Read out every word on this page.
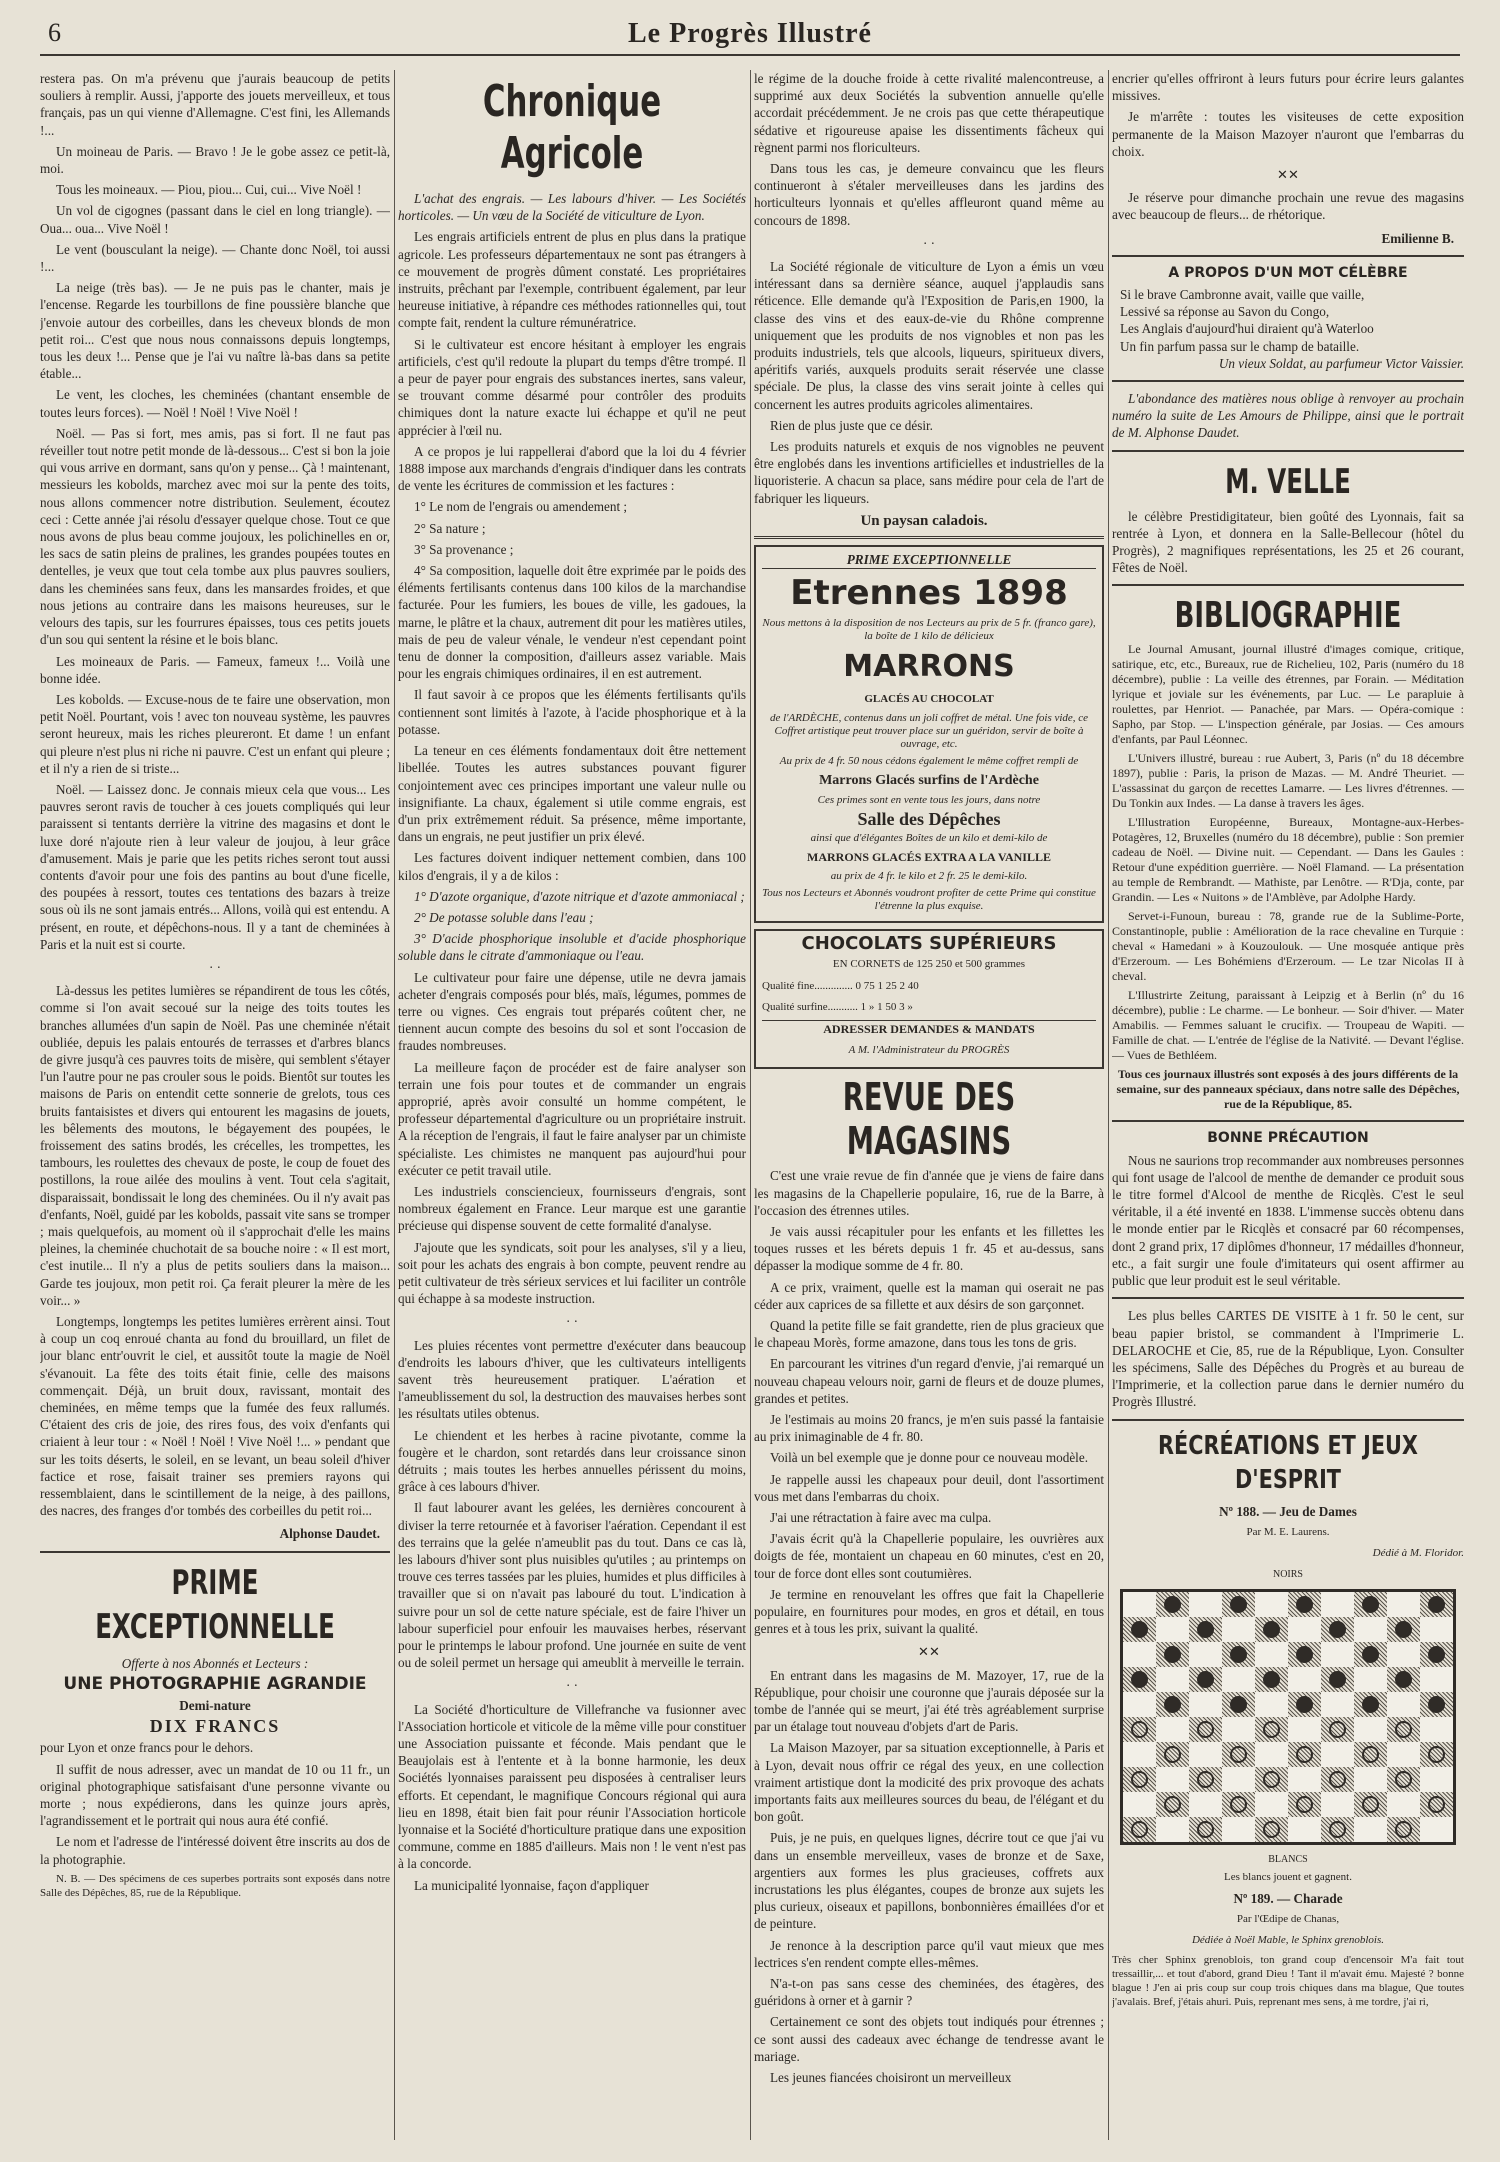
6	Le Progrès Illustré

restera pas. On m'a prévenu que j'aurais beaucoup de petits souliers à remplir. Aussi, j'apporte des jouets merveilleux, et tous français, pas un qui vienne d'Allemagne. C'est fini, les Allemands !...

Un moineau de Paris. — Bravo ! Je le gobe assez ce petit-là, moi.

Tous les moineaux. — Piou, piou... Cui, cui... Vive Noël !

Un vol de cigognes (passant dans le ciel en long triangle). — Oua... oua... Vive Noël !

Le vent (bousculant la neige). — Chante donc Noël, toi aussi !...

La neige (très bas). — Je ne puis pas le chanter, mais je l'encense. Regarde les tourbillons de fine poussière blanche que j'envoie autour des corbeilles, dans les cheveux blonds de mon petit roi... C'est que nous nous connaissons depuis longtemps, tous les deux !... Pense que je l'ai vu naître là-bas dans sa petite étable...

Le vent, les cloches, les cheminées (chantant ensemble de toutes leurs forces). — Noël ! Noël ! Vive Noël !

Noël. — Pas si fort, mes amis, pas si fort. Il ne faut pas réveiller tout notre petit monde de là-dessous... C'est si bon la joie qui vous arrive en dormant, sans qu'on y pense... Çà ! maintenant, messieurs les kobolds, marchez avec moi sur la pente des toits, nous allons commencer notre distribution. Seulement, écoutez ceci : Cette année j'ai résolu d'essayer quelque chose. Tout ce que nous avons de plus beau comme joujoux, les polichinelles en or, les sacs de satin pleins de pralines, les grandes poupées toutes en dentelles, je veux que tout cela tombe aux plus pauvres souliers, dans les cheminées sans feux, dans les mansardes froides, et que nous jetions au contraire dans les maisons heureuses, sur le velours des tapis, sur les fourrures épaisses, tous ces petits jouets d'un sou qui sentent la résine et le bois blanc.

Les moineaux de Paris. — Fameux, fameux !... Voilà une bonne idée.

Les kobolds. — Excuse-nous de te faire une observation, mon petit Noël. Pourtant, vois ! avec ton nouveau système, les pauvres seront heureux, mais les riches pleureront. Et dame ! un enfant qui pleure n'est plus ni riche ni pauvre. C'est un enfant qui pleure ; et il n'y a rien de si triste...

Noël. — Laissez donc. Je connais mieux cela que vous... Les pauvres seront ravis de toucher à ces jouets compliqués qui leur paraissent si tentants derrière la vitrine des magasins et dont le luxe doré n'ajoute rien à leur valeur de joujou, à leur grâce d'amusement. Mais je parie que les petits riches seront tout aussi contents d'avoir pour une fois des pantins au bout d'une ficelle, des poupées à ressort, toutes ces tentations des bazars à treize sous où ils ne sont jamais entrés... Allons, voilà qui est entendu. A présent, en route, et dépêchons-nous. Il y a tant de cheminées à Paris et la nuit est si courte.

· ·

Là-dessus les petites lumières se répandirent de tous les côtés, comme si l'on avait secoué sur la neige des toits toutes les branches allumées d'un sapin de Noël. Pas une cheminée n'était oubliée, depuis les palais entourés de terrasses et d'arbres blancs de givre jusqu'à ces pauvres toits de misère, qui semblent s'étayer l'un l'autre pour ne pas crouler sous le poids. Bientôt sur toutes les maisons de Paris on entendit cette sonnerie de grelots, tous ces bruits fantaisistes et divers qui entourent les magasins de jouets, les bêlements des moutons, le bégayement des poupées, le froissement des satins brodés, les crécelles, les trompettes, les tambours, les roulettes des chevaux de poste, le coup de fouet des postillons, la roue ailée des moulins à vent. Tout cela s'agitait, disparaissait, bondissait le long des cheminées. Ou il n'y avait pas d'enfants, Noël, guidé par les kobolds, passait vite sans se tromper ; mais quelquefois, au moment où il s'approchait d'elle les mains pleines, la cheminée chuchotait de sa bouche noire : « Il est mort, c'est inutile... Il n'y a plus de petits souliers dans la maison... Garde tes joujoux, mon petit roi. Ça ferait pleurer la mère de les voir... »

Longtemps, longtemps les petites lumières errèrent ainsi. Tout à coup un coq enroué chanta au fond du brouillard, un filet de jour blanc entr'ouvrit le ciel, et aussitôt toute la magie de Noël s'évanouit. La fête des toits était finie, celle des maisons commençait. Déjà, un bruit doux, ravissant, montait des cheminées, en même temps que la fumée des feux rallumés. C'étaient des cris de joie, des rires fous, des voix d'enfants qui criaient à leur tour : « Noël ! Noël ! Vive Noël !... » pendant que sur les toits déserts, le soleil, en se levant, un beau soleil d'hiver factice et rose, faisait trainer ses premiers rayons qui ressemblaient, dans le scintillement de la neige, à des paillons, des nacres, des franges d'or tombés des corbeilles du petit roi...

Alphonse Daudet.
PRIME EXCEPTIONNELLE

Offerte à nos Abonnés et Lecteurs :

UNE PHOTOGRAPHIE AGRANDIE

Demi-nature

DIX FRANCS

pour Lyon et onze francs pour le dehors.

Il suffit de nous adresser, avec un mandat de 10 ou 11 fr., un original photographique satisfaisant d'une personne vivante ou morte ; nous expédierons, dans les quinze jours après, l'agrandissement et le portrait qui nous aura été confié.

Le nom et l'adresse de l'intéressé doivent être inscrits au dos de la photographie.

N. B. — Des spécimens de ces superbes portraits sont exposés dans notre Salle des Dépêches, 85, rue de la République.

Chronique Agricole

L'achat des engrais. — Les labours d'hiver. — Les Sociétés horticoles. — Un vœu de la Société de viticulture de Lyon.

Les engrais artificiels entrent de plus en plus dans la pratique agricole. Les professeurs départementaux ne sont pas étrangers à ce mouvement de progrès dûment constaté. Les propriétaires instruits, prêchant par l'exemple, contribuent également, par leur heureuse initiative, à répandre ces méthodes rationnelles qui, tout compte fait, rendent la culture rémunératrice.

Si le cultivateur est encore hésitant à employer les engrais artificiels, c'est qu'il redoute la plupart du temps d'être trompé. Il a peur de payer pour engrais des substances inertes, sans valeur, se trouvant comme désarmé pour contrôler des produits chimiques dont la nature exacte lui échappe et qu'il ne peut apprécier à l'œil nu.

A ce propos je lui rappellerai d'abord que la loi du 4 février 1888 impose aux marchands d'engrais d'indiquer dans les contrats de vente les écritures de commission et les factures :

1° Le nom de l'engrais ou amendement ;

2° Sa nature ;

3° Sa provenance ;

4° Sa composition, laquelle doit être exprimée par le poids des éléments fertilisants contenus dans 100 kilos de la marchandise facturée. Pour les fumiers, les boues de ville, les gadoues, la marne, le plâtre et la chaux, autrement dit pour les matières utiles, mais de peu de valeur vénale, le vendeur n'est cependant point tenu de donner la composition, d'ailleurs assez variable. Mais pour les engrais chimiques ordinaires, il en est autrement.

Il faut savoir à ce propos que les éléments fertilisants qu'ils contiennent sont limités à l'azote, à l'acide phosphorique et à la potasse.

La teneur en ces éléments fondamentaux doit être nettement libellée. Toutes les autres substances pouvant figurer conjointement avec ces principes important une valeur nulle ou insignifiante. La chaux, également si utile comme engrais, est d'un prix extrêmement réduit. Sa présence, même importante, dans un engrais, ne peut justifier un prix élevé.

Les factures doivent indiquer nettement combien, dans 100 kilos d'engrais, il y a de kilos :

1° D'azote organique, d'azote nitrique et d'azote ammoniacal ;

2° De potasse soluble dans l'eau ;

3° D'acide phosphorique insoluble et d'acide phosphorique soluble dans le citrate d'ammoniaque ou l'eau.

Le cultivateur pour faire une dépense, utile ne devra jamais acheter d'engrais composés pour blés, maïs, légumes, pommes de terre ou vignes. Ces engrais tout préparés coûtent cher, ne tiennent aucun compte des besoins du sol et sont l'occasion de fraudes nombreuses.

La meilleure façon de procéder est de faire analyser son terrain une fois pour toutes et de commander un engrais approprié, après avoir consulté un homme compétent, le professeur départemental d'agriculture ou un propriétaire instruit. A la réception de l'engrais, il faut le faire analyser par un chimiste spécialiste. Les chimistes ne manquent pas aujourd'hui pour exécuter ce petit travail utile.

Les industriels consciencieux, fournisseurs d'engrais, sont nombreux également en France. Leur marque est une garantie précieuse qui dispense souvent de cette formalité d'analyse.

J'ajoute que les syndicats, soit pour les analyses, s'il y a lieu, soit pour les achats des engrais à bon compte, peuvent rendre au petit cultivateur de très sérieux services et lui faciliter un contrôle qui échappe à sa modeste instruction.

· ·

Les pluies récentes vont permettre d'exécuter dans beaucoup d'endroits les labours d'hiver, que les cultivateurs intelligents savent très heureusement pratiquer. L'aération et l'ameublissement du sol, la destruction des mauvaises herbes sont les résultats utiles obtenus.

Le chiendent et les herbes à racine pivotante, comme la fougère et le chardon, sont retardés dans leur croissance sinon détruits ; mais toutes les herbes annuelles périssent du moins, grâce à ces labours d'hiver.

Il faut labourer avant les gelées, les dernières concourent à diviser la terre retournée et à favoriser l'aération. Cependant il est des terrains que la gelée n'ameublit pas du tout. Dans ce cas là, les labours d'hiver sont plus nuisibles qu'utiles ; au printemps on trouve ces terres tassées par les pluies, humides et plus difficiles à travailler que si on n'avait pas labouré du tout. L'indication à suivre pour un sol de cette nature spéciale, est de faire l'hiver un labour superficiel pour enfouir les mauvaises herbes, réservant pour le printemps le labour profond. Une journée en suite de vent ou de soleil permet un hersage qui ameublit à merveille le terrain.

· ·

La Société d'horticulture de Villefranche va fusionner avec l'Association horticole et viticole de la même ville pour constituer une Association puissante et féconde. Mais pendant que le Beaujolais est à l'entente et à la bonne harmonie, les deux Sociétés lyonnaises paraissent peu disposées à centraliser leurs efforts. Et cependant, le magnifique Concours régional qui aura lieu en 1898, était bien fait pour réunir l'Association horticole lyonnaise et la Société d'horticulture pratique dans une exposition commune, comme en 1885 d'ailleurs. Mais non ! le vent n'est pas à la concorde.

La municipalité lyonnaise, façon d'appliquer

le régime de la douche froide à cette rivalité malencontreuse, a supprimé aux deux Sociétés la subvention annuelle qu'elle accordait précédemment. Je ne crois pas que cette thérapeutique sédative et rigoureuse apaise les dissentiments fâcheux qui règnent parmi nos floriculteurs.

Dans tous les cas, je demeure convaincu que les fleurs continueront à s'étaler merveilleuses dans les jardins des horticulteurs lyonnais et qu'elles affleuront quand même au concours de 1898.

· ·

La Société régionale de viticulture de Lyon a émis un vœu intéressant dans sa dernière séance, auquel j'applaudis sans réticence. Elle demande qu'à l'Exposition de Paris,en 1900, la classe des vins et des eaux-de-vie du Rhône comprenne uniquement que les produits de nos vignobles et non pas les produits industriels, tels que alcools, liqueurs, spiritueux divers, apéritifs variés, auxquels produits serait réservée une classe spéciale. De plus, la classe des vins serait jointe à celles qui concernent les autres produits agricoles alimentaires.

Rien de plus juste que ce désir.

Les produits naturels et exquis de nos vignobles ne peuvent être englobés dans les inventions artificielles et industrielles de la liquoristerie. A chacun sa place, sans médire pour cela de l'art de fabriquer les liqueurs.

Un paysan caladois.

PRIME EXCEPTIONNELLE

Etrennes 1898

Nous mettons à la disposition de nos Lecteurs au prix de 5 fr. (franco gare), la boîte de 1 kilo de délicieux

MARRONS

GLACÉS AU CHOCOLAT

de l'ARDÈCHE, contenus dans un joli coffret de métal. Une fois vide, ce Coffret artistique peut trouver place sur un guéridon, servir de boîte à ouvrage, etc.

Au prix de 4 fr. 50 nous cédons également le même coffret rempli de

Marrons Glacés surfins de l'Ardèche

Ces primes sont en vente tous les jours, dans notre

Salle des Dépêches

ainsi que d'élégantes Boîtes de un kilo et demi-kilo de

MARRONS GLACÉS EXTRA A LA VANILLE

au prix de 4 fr. le kilo et 2 fr. 25 le demi-kilo.

Tous nos Lecteurs et Abonnés voudront profiter de cette Prime qui constitue l'étrenne la plus exquise.

CHOCOLATS SUPÉRIEURS

EN CORNETS de 125 250 et 500 grammes

Qualité fine.............. 0 75 1 25 2 40

Qualité surfine........... 1 » 1 50 3 »

ADRESSER DEMANDES & MANDATS

A M. l'Administrateur du PROGRÈS

REVUE DES MAGASINS

C'est une vraie revue de fin d'année que je viens de faire dans les magasins de la Chapellerie populaire, 16, rue de la Barre, à l'occasion des étrennes utiles.

Je vais aussi récapituler pour les enfants et les fillettes les toques russes et les bérets depuis 1 fr. 45 et au-dessus, sans dépasser la modique somme de 4 fr. 80.

A ce prix, vraiment, quelle est la maman qui oserait ne pas céder aux caprices de sa fillette et aux désirs de son garçonnet.

Quand la petite fille se fait grandette, rien de plus gracieux que le chapeau Morès, forme amazone, dans tous les tons de gris.

En parcourant les vitrines d'un regard d'envie, j'ai remarqué un nouveau chapeau velours noir, garni de fleurs et de douze plumes, grandes et petites.

Je l'estimais au moins 20 francs, je m'en suis passé la fantaisie au prix inimaginable de 4 fr. 80.

Voilà un bel exemple que je donne pour ce nouveau modèle.

Je rappelle aussi les chapeaux pour deuil, dont l'assortiment vous met dans l'embarras du choix.

J'ai une rétractation à faire avec ma culpa.

J'avais écrit qu'à la Chapellerie populaire, les ouvrières aux doigts de fée, montaient un chapeau en 60 minutes, c'est en 20, tour de force dont elles sont coutumières.

Je termine en renouvelant les offres que fait la Chapellerie populaire, en fournitures pour modes, en gros et détail, en tous genres et à tous les prix, suivant la qualité.

✕✕

En entrant dans les magasins de M. Mazoyer, 17, rue de la République, pour choisir une couronne que j'aurais déposée sur la tombe de l'année qui se meurt, j'ai été très agréablement surprise par un étalage tout nouveau d'objets d'art de Paris.

La Maison Mazoyer, par sa situation exceptionnelle, à Paris et à Lyon, devait nous offrir ce régal des yeux, en une collection vraiment artistique dont la modicité des prix provoque des achats importants faits aux meilleures sources du beau, de l'élégant et du bon goût.

Puis, je ne puis, en quelques lignes, décrire tout ce que j'ai vu dans un ensemble merveilleux, vases de bronze et de Saxe, argentiers aux formes les plus gracieuses, coffrets aux incrustations les plus élégantes, coupes de bronze aux sujets les plus curieux, oiseaux et papillons, bonbonnières émaillées d'or et de peinture.

Je renonce à la description parce qu'il vaut mieux que mes lectrices s'en rendent compte elles-mêmes.

N'a-t-on pas sans cesse des cheminées, des étagères, des guéridons à orner et à garnir ?

Certainement ce sont des objets tout indiqués pour étrennes ; ce sont aussi des cadeaux avec échange de tendresse avant le mariage.

Les jeunes fiancées choisiront un merveilleux

encrier qu'elles offriront à leurs futurs pour écrire leurs galantes missives.

Je m'arrête : toutes les visiteuses de cette exposition permanente de la Maison Mazoyer n'auront que l'embarras du choix.

✕✕

Je réserve pour dimanche prochain une revue des magasins avec beaucoup de fleurs... de rhétorique.

Emilienne B.
A PROPOS D'UN MOT CÉLÈBRE

Si le brave Cambronne avait, vaille que vaille,

Lessivé sa réponse au Savon du Congo,

Les Anglais d'aujourd'hui diraient qu'à Waterloo

Un fin parfum passa sur le champ de bataille.

Un vieux Soldat, au parfumeur Victor Vaissier.

L'abondance des matières nous oblige à renvoyer au prochain numéro la suite de Les Amours de Philippe, ainsi que le portrait de M. Alphonse Daudet.

M. VELLE

le célèbre Prestidigitateur, bien goûté des Lyonnais, fait sa rentrée à Lyon, et donnera en la Salle-Bellecour (hôtel du Progrès), 2 magnifiques représentations, les 25 et 26 courant, Fêtes de Noël.

BIBLIOGRAPHIE

Le Journal Amusant, journal illustré d'images comique, critique, satirique, etc, etc., Bureaux, rue de Richelieu, 102, Paris (numéro du 18 décembre), publie : La veille des étrennes, par Forain. — Méditation lyrique et joviale sur les événements, par Luc. — Le parapluie à roulettes, par Henriot. — Panachée, par Mars. — Opéra-comique : Sapho, par Stop. — L'inspection générale, par Josias. — Ces amours d'enfants, par Paul Léonnec.

L'Univers illustré, bureau : rue Aubert, 3, Paris (nº du 18 décembre 1897), publie : Paris, la prison de Mazas. — M. André Theuriet. — L'assassinat du garçon de recettes Lamarre. — Les livres d'étrennes. — Du Tonkin aux Indes. — La danse à travers les âges.

L'Illustration Européenne, Bureaux, Montagne-aux-Herbes-Potagères, 12, Bruxelles (numéro du 18 décembre), publie : Son premier cadeau de Noël. — Divine nuit. — Cependant. — Dans les Gaules : Retour d'une expédition guerrière. — Noël Flamand. — La présentation au temple de Rembrandt. — Mathiste, par Lenôtre. — R'Dja, conte, par Grandin. — Les « Nuitons » de l'Amblève, par Adolphe Hardy.

Servet-i-Funoun, bureau : 78, grande rue de la Sublime-Porte, Constantinople, publie : Amélioration de la race chevaline en Turquie : cheval « Hamedani » à Kouzoulouk. — Une mosquée antique près d'Erzeroum. — Les Bohémiens d'Erzeroum. — Le tzar Nicolas II à cheval.

L'Illustrirte Zeitung, paraissant à Leipzig et à Berlin (nº du 16 décembre), publie : Le charme. — Le bonheur. — Soir d'hiver. — Mater Amabilis. — Femmes saluant le crucifix. — Troupeau de Wapiti. — Famille de chat. — L'entrée de l'église de la Nativité. — Devant l'église. — Vues de Bethléem.

Tous ces journaux illustrés sont exposés à des jours différents de la semaine, sur des panneaux spéciaux, dans notre salle des Dépêches, rue de la République, 85.

BONNE PRÉCAUTION

Nous ne saurions trop recommander aux nombreuses personnes qui font usage de l'alcool de menthe de demander ce produit sous le titre formel d'Alcool de menthe de Ricqlès. C'est le seul véritable, il a été inventé en 1838. L'immense succès obtenu dans le monde entier par le Ricqlès et consacré par 60 récompenses, dont 2 grand prix, 17 diplômes d'honneur, 17 médailles d'honneur, etc., a fait surgir une foule d'imitateurs qui osent affirmer au public que leur produit est le seul véritable.

Les plus belles CARTES DE VISITE à 1 fr. 50 le cent, sur beau papier bristol, se commandent à l'Imprimerie L. DELAROCHE et Cie, 85, rue de la République, Lyon. Consulter les spécimens, Salle des Dépêches du Progrès et au bureau de l'Imprimerie, et la collection parue dans le dernier numéro du Progrès Illustré.

RÉCRÉATIONS ET JEUX D'ESPRIT

Nº 188. — Jeu de Dames

Par M. E. Laurens.

Dédié à M. Floridor.

NOIRS

BLANCS

Les blancs jouent et gagnent.

Nº 189. — Charade

Par l'Œdipe de Chanas,

Dédiée à Noël Mable, le Sphinx grenoblois.

Très cher Sphinx grenoblois, ton grand coup d'encensoir M'a fait tout tressaillir,... et tout d'abord, grand Dieu ! Tant il m'avait ému. Majesté ? bonne blague ! J'en ai pris coup sur coup trois chiques dans ma blague, Que toutes j'avalais. Bref, j'étais ahuri. Puis, reprenant mes sens, à me tordre, j'ai ri,
